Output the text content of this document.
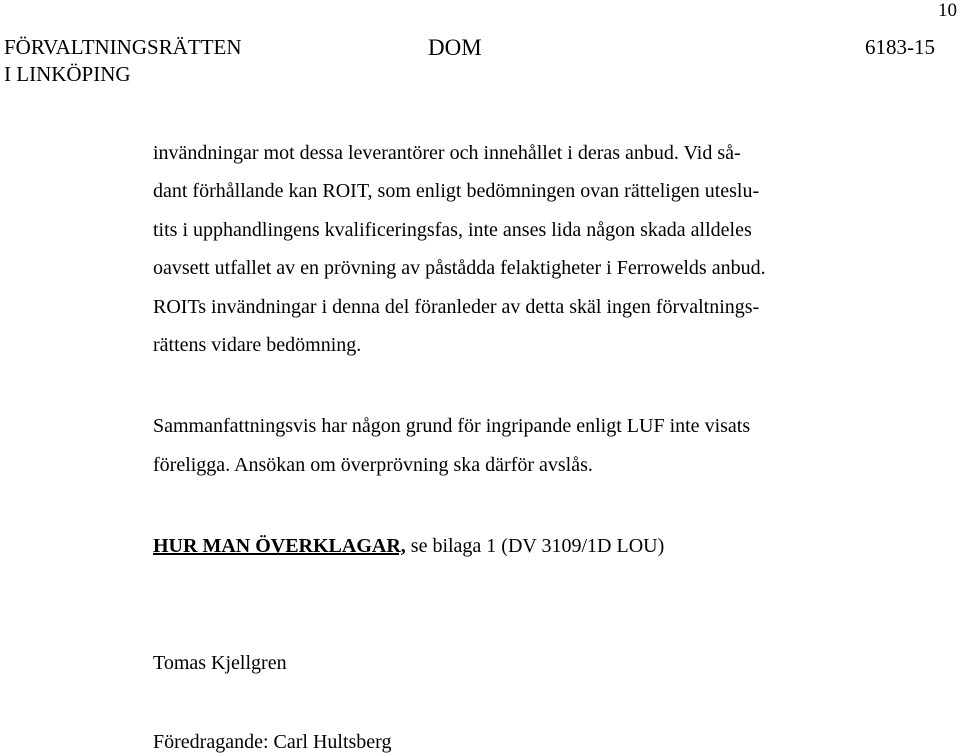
10
FÖRVALTNINGSRÄTTEN
I LINKÖPING
DOM	6183-15
invändningar mot dessa leverantörer och innehållet i deras anbud. Vid så-
dant förhållande kan ROIT, som enligt bedömningen ovan rätteligen uteslu-
tits i upphandlingens kvalificeringsfas, inte anses lida någon skada alldeles
oavsett utfallet av en prövning av påstådda felaktigheter i Ferrowelds anbud.
ROITs invändningar i denna del föranleder av detta skäl ingen förvaltnings-
rättens vidare bedömning.
Sammanfattningsvis har någon grund för ingripande enligt LUF inte visats
föreligga. Ansökan om överprövning ska därför avslås.
HUR MAN ÖVERKLAGAR, se bilaga 1 (DV 3109/1D LOU)
Tomas Kjellgren
Föredragande: Carl Hultsberg
